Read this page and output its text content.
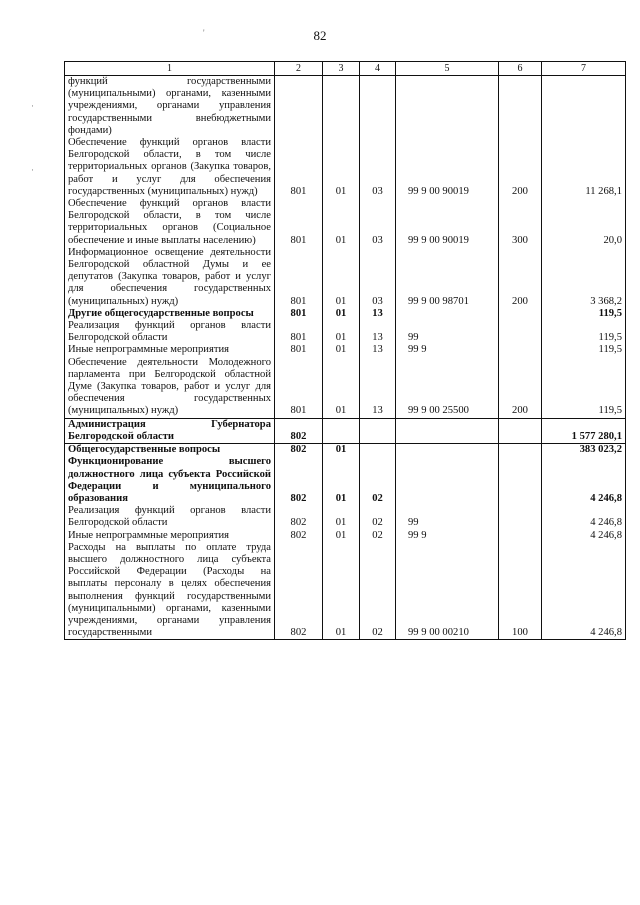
82
'
·
·
1	2	3	4	5	6	7
функций государственными (муниципальными) органами, казенными учреждениями, органами управления государственными внебюджетными фондами)						
Обеспечение функций органов власти Белгородской области, в том числе территориальных органов (Закупка товаров, работ и услуг для обеспечения государственных (муниципальных) нужд)	801	01	03	99 9 00 90019	200	11 268,1
Обеспечение функций органов власти Белгородской области, в том числе территориальных органов (Социальное обеспечение и иные выплаты населению)	801	01	03	99 9 00 90019	300	20,0
Информационное освещение деятельности Белгородской областной Думы и ее депутатов (Закупка товаров, работ и услуг для обеспечения государственных (муниципальных) нужд)	801	01	03	99 9 00 98701	200	3 368,2
Другие общегосударственные вопросы	801	01	13			119,5
Реализация функций органов власти Белгородской области	801	01	13	99		119,5
Иные непрограммные мероприятия	801	01	13	99 9		119,5
Обеспечение деятельности Молодежного парламента при Белгородской областной Думе (Закупка товаров, работ и услуг для обеспечения государственных (муниципальных) нужд)	801	01	13	99 9 00 25500	200	119,5
Администрация Губернатора Белгородской области	802					1 577 280,1
Общегосударственные вопросы	802	01				383 023,2
Функционирование высшего должностного лица субъекта Российской Федерации и муниципального образования	802	01	02			4 246,8
Реализация функций органов власти Белгородской области	802	01	02	99		4 246,8
Иные непрограммные мероприятия	802	01	02	99 9		4 246,8
Расходы на выплаты по оплате труда высшего должностного лица субъекта Российской Федерации (Расходы на выплаты персоналу в целях обеспечения выполнения функций государственными (муниципальными) органами, казенными учреждениями, органами управления государственными	802	01	02	99 9 00 00210	100	4 246,8
